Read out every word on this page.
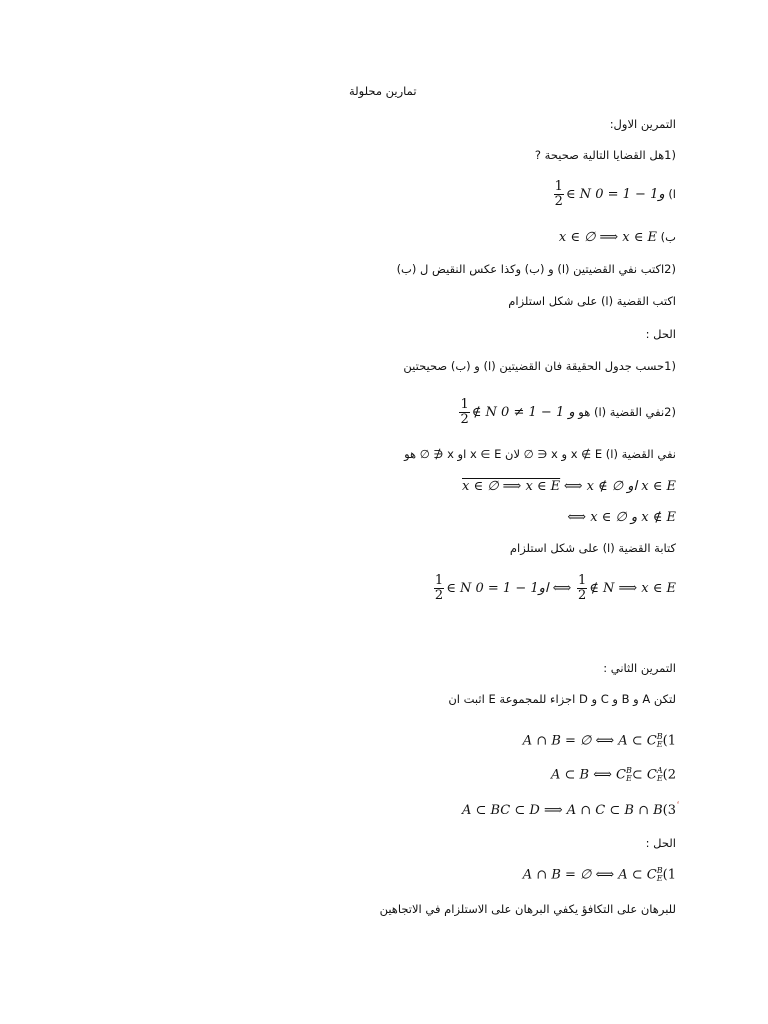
تمارين محلولة
التمرين الاول:
(1هل القضايا التالية صحيحة ?
ا)
$\frac{1}{2}$ ∈ N و1 − 1 = 0
ب) x ∈ ∅ ⟹ x ∈ E
(2اكتب نفي القضيتين (ا) و (ب) وكذا عكس النقيض ل (ب)
اكتب القضية (ا) على شكل استلزام
الحل :
(1حسب جدول الحقيقة فان القضيتين (ا) و (ب) صحيحتين
(2نفي القضية (ا) هو
$\frac{1}{2}$ ∉ N و 1 − 1 ≠ 0
نفي القضية (ا) x ∉ E و x ∈ ∅ لان x ∈ E او x ∉ ∅ هو
x ∈ ∅ ⟹ x ∈ E ⟺ x ∉ ∅ او x ∈ E
⟺ x ∈ ∅ و x ∉ E
كتابة القضية (ا) على شكل استلزام
$\frac{1}{2}$ ∈ N او1 − 1 = 0 ⟺ $\frac{1}{2}$ ∉ N ⟹ x ∈ E
التمرين الثاني :
لتكن A و B و C و D اجزاء للمجموعة E اثبت ان
A ∩ B = ∅ ⟺ A ⊂ C B
E (1
A ⊂ B ⟺ C B
E ⊂ C A
E (2
A ⊂ BC ⊂ D ⟹ A ∩ C ⊂ B ∩ B(3
الحل :
A ∩ B = ∅ ⟺ A ⊂ C B
E (1
للبرهان على التكافؤ يكفي البرهان على الاستلزام في الاتجاهين
